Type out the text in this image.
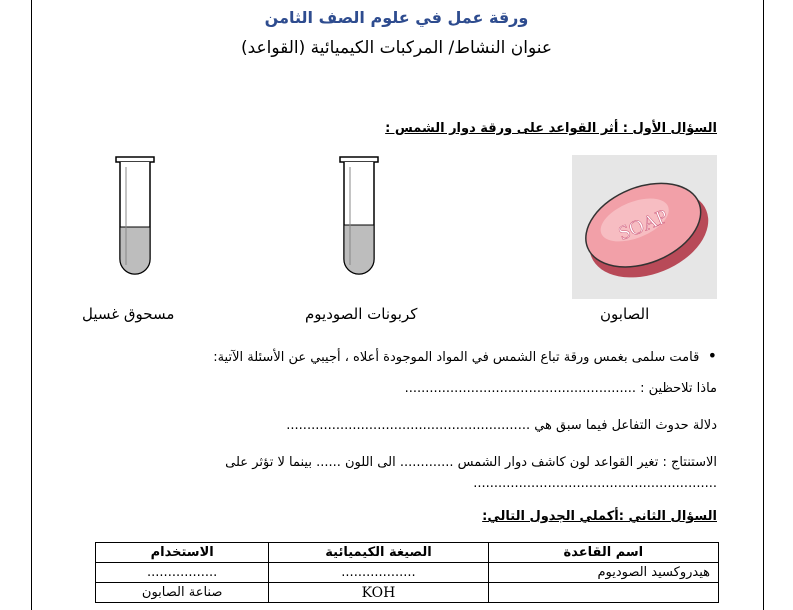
ورقة عمل في علوم الصف الثامن
عنوان النشاط/ المركبات الكيميائية (القواعد)
السؤال الأول : أثر القواعد على ورقة دوار الشمس :
SOAP
الصابون
كربونات الصوديوم
مسحوق غسيل
•  قامت سلمى بغمس ورقة تباع الشمس في المواد الموجودة أعلاه ، أجيبي عن الأسئلة الآتية:
ماذا تلاحظين : ........................................................
دلالة حدوث التفاعل فيما سبق هي ...........................................................
الاستنتاج : تغير القواعد لون كاشف دوار الشمس ............. الى اللون ...... بينما لا تؤثر على
...........................................................
السؤال الثاني :أكملي الجدول التالي:
اسم القاعدة	الصيغة الكيميائية	الاستخدام
هيدروكسيد الصوديوم	..................	.................
	KOH	صناعة الصابون
